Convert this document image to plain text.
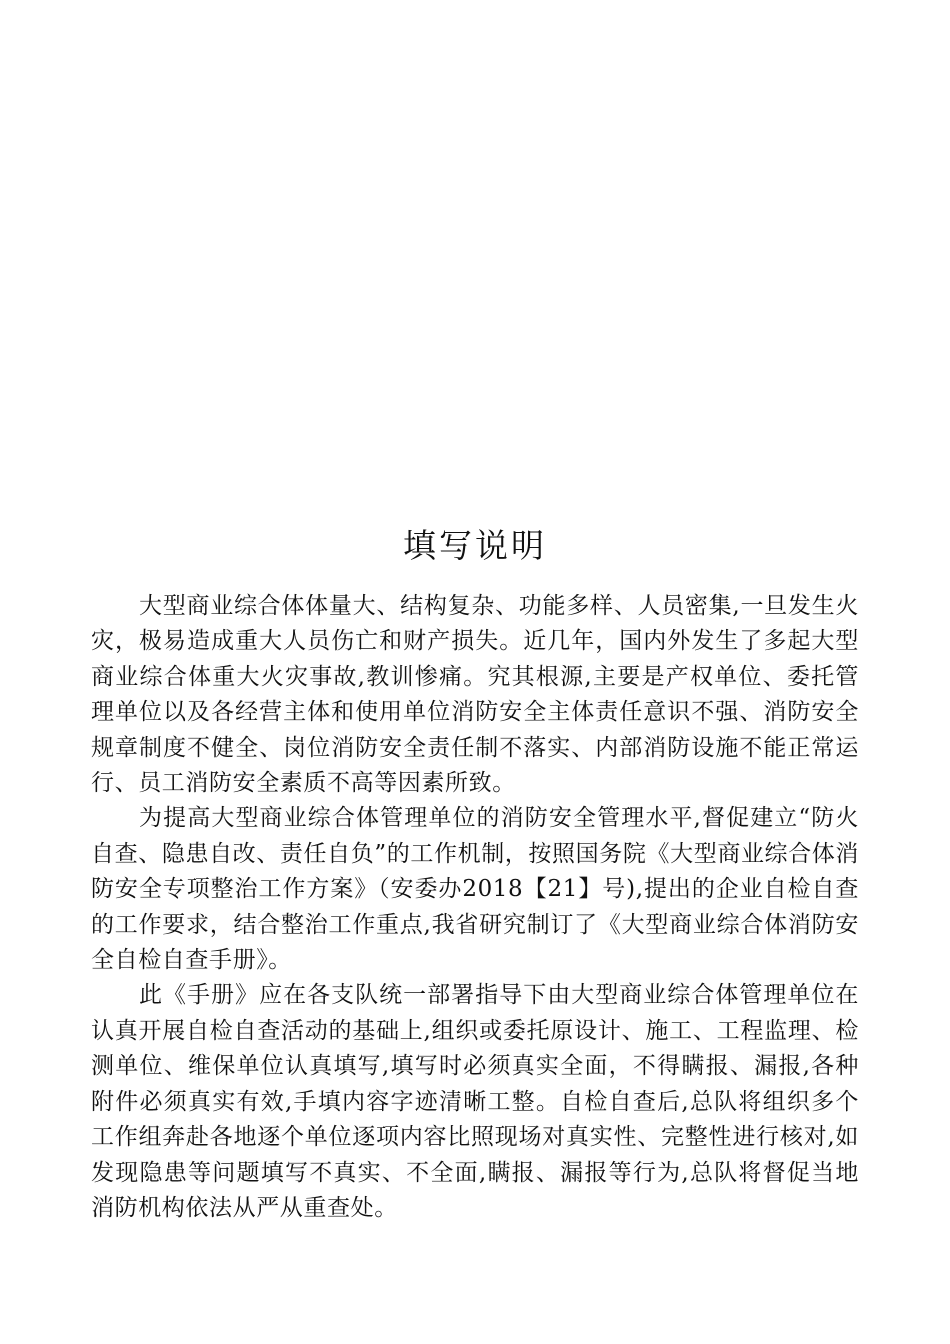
填写说明

大型商业综合体体量大、结构复杂、功能多样、人员密集,一旦发生火灾，极易造成重大人员伤亡和财产损失。近几年，国内外发生了多起大型商业综合体重大火灾事故,教训惨痛。究其根源,主要是产权单位、委托管理单位以及各经营主体和使用单位消防安全主体责任意识不强、消防安全规章制度不健全、岗位消防安全责任制不落实、内部消防设施不能正常运行、员工消防安全素质不高等因素所致。

为提高大型商业综合体管理单位的消防安全管理水平,督促建立“防火自查、隐患自改、责任自负”的工作机制，按照国务院《大型商业综合体消防安全专项整治工作方案》（安委办2018【21】号),提出的企业自检自查的工作要求，结合整治工作重点,我省研究制订了《大型商业综合体消防安全自检自查手册》。

此《手册》应在各支队统一部署指导下由大型商业综合体管理单位在认真开展自检自查活动的基础上,组织或委托原设计、施工、工程监理、检测单位、维保单位认真填写,填写时必须真实全面，不得瞒报、漏报,各种附件必须真实有效,手填内容字迹清晰工整。自检自查后,总队将组织多个工作组奔赴各地逐个单位逐项内容比照现场对真实性、完整性进行核对,如发现隐患等问题填写不真实、不全面,瞒报、漏报等行为,总队将督促当地消防机构依法从严从重查处。
